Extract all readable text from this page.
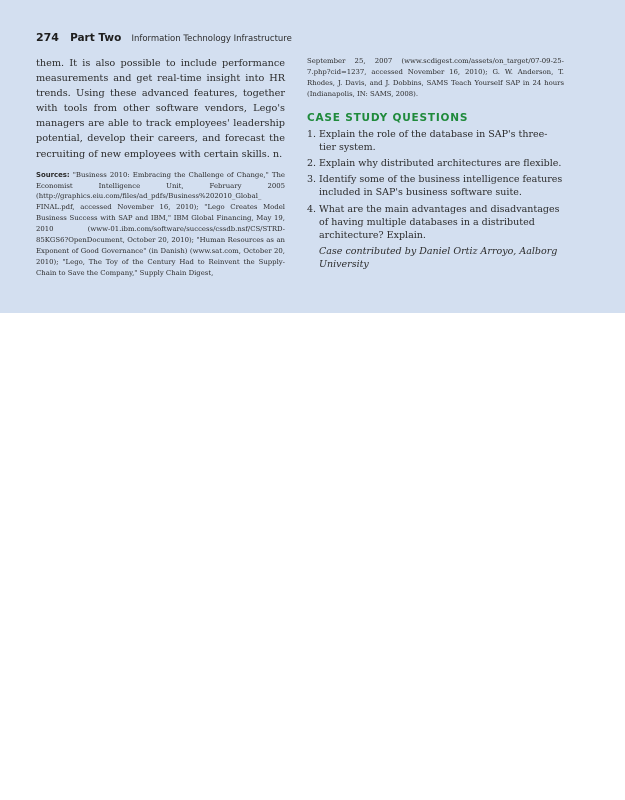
274 Part Two Information Technology Infrastructure

them. It is also possible to include performance measurements and get real-time insight into HR trends. Using these advanced features, together with tools from other software vendors, Lego's managers are able to track employees' leadership potential, develop their careers, and forecast the recruiting of new employees with certain skills. n.

Sources: "Business 2010: Embracing the Challenge of Change," The Economist Intelligence Unit, February 2005 (http://graphics.eiu.com/files/ad_pdfs/Business%202010_Global_ FINAL.pdf, accessed November 16, 2010); "Lego Creates Model Business Success with SAP and IBM," IBM Global Financing, May 19, 2010 (www-01.ibm.com/software/success/cssdb.nsf/CS/STRD-85KGS6?OpenDocument, October 20, 2010); "Human Resources as an Exponent of Good Governance" (in Danish) (www.sat.com, October 20, 2010); "Lego, The Toy of the Century Had to Reinvent the Supply-Chain to Save the Company," Supply Chain Digest,

September 25, 2007 (www.scdigest.com/assets/on_target/07-09-25-7.php?cid=1237, accessed November 16, 2010); G. W. Anderson, T. Rhodes, J. Davis, and J. Dobbins, SAMS Teach Yourself SAP in 24 hours (Indianapolis, IN: SAMS, 2008).

CASE STUDY QUESTIONS
1. Explain the role of the database in SAP's three-tier system.
2. Explain why distributed architectures are flexible.
3. Identify some of the business intelligence features included in SAP's business software suite.
4. What are the main advantages and disadvantages of having multiple databases in a distributed architecture? Explain.

Case contributed by Daniel Ortiz Arroyo, Aalborg University
